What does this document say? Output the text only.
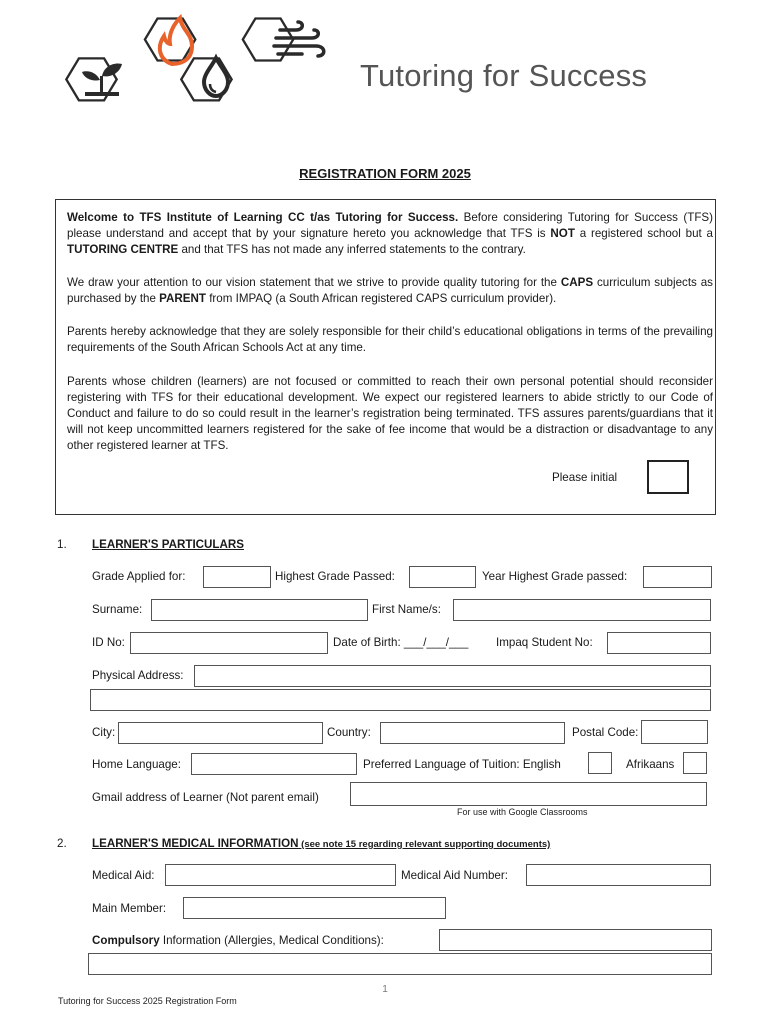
Tutoring for Success
REGISTRATION FORM 2025
Welcome to TFS Institute of Learning CC t/as Tutoring for Success. Before considering Tutoring for Success (TFS) please understand and accept that by your signature hereto you acknowledge that TFS is NOT a registered school but a TUTORING CENTRE and that TFS has not made any inferred statements to the contrary.
We draw your attention to our vision statement that we strive to provide quality tutoring for the CAPS curriculum subjects as purchased by the PARENT from IMPAQ (a South African registered CAPS curriculum provider).
Parents hereby acknowledge that they are solely responsible for their child’s educational obligations in terms of the prevailing requirements of the South African Schools Act at any time.
Parents whose children (learners) are not focused or committed to reach their own personal potential should reconsider registering with TFS for their educational development. We expect our registered learners to abide strictly to our Code of Conduct and failure to do so could result in the learner’s registration being terminated. TFS assures parents/guardians that it will not keep uncommitted learners registered for the sake of fee income that would be a distraction or disadvantage to any other registered learner at TFS.
Please initial
1. LEARNER'S PARTICULARS
Grade Applied for:	Highest Grade Passed:	Year Highest Grade passed:
Surname:	First Name/s:
ID No:	Date of Birth: ___/___/___ Impaq Student No:
Physical Address:
City:	Country:	Postal Code:
Home Language:	Preferred Language of Tuition: English	Afrikaans
Gmail address of Learner (Not parent email)
For use with Google Classrooms
2. LEARNER'S MEDICAL INFORMATION (see note 15 regarding relevant supporting documents)
Medical Aid:	Medical Aid Number:
Main Member:
Compulsory Information (Allergies, Medical Conditions):
1
Tutoring for Success 2025 Registration Form
